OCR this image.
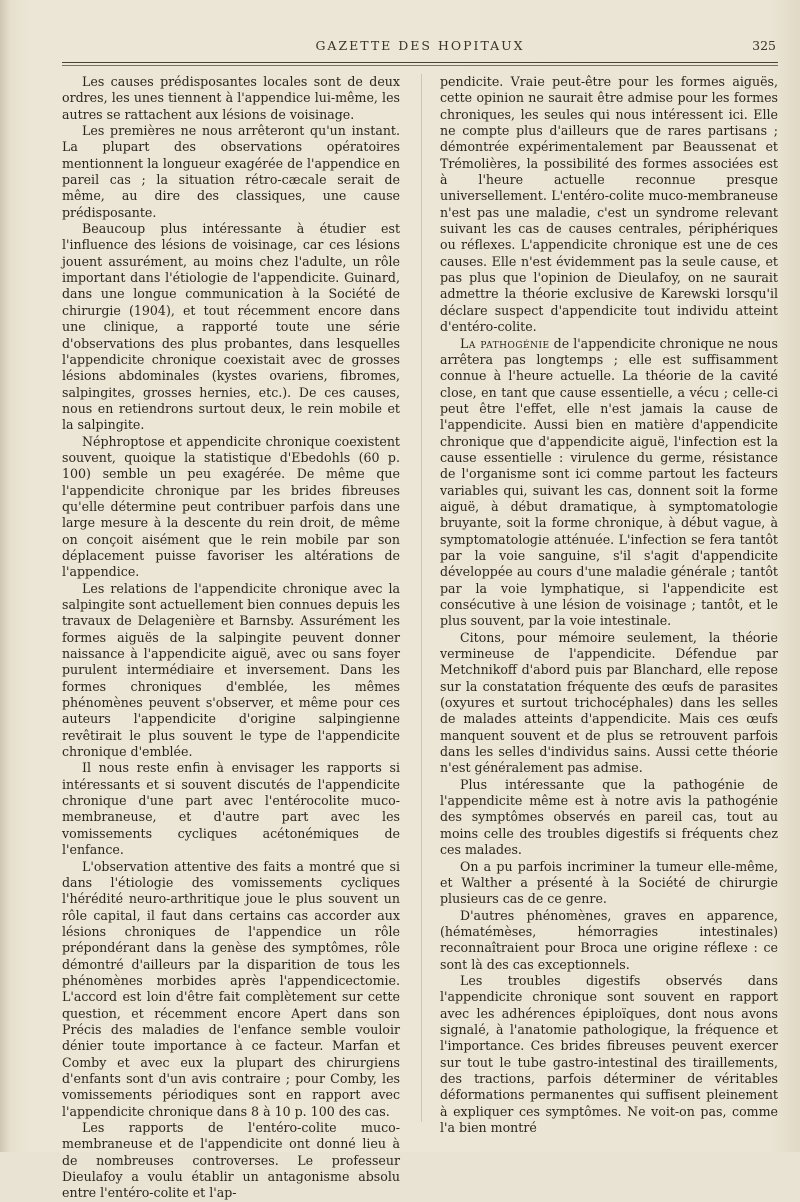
GAZETTE DES HOPITAUX	325

Les causes prédisposantes locales sont de deux ordres, les unes tiennent à l'appendice lui-même, les autres se rattachent aux lésions de voisinage.

Les premières ne nous arrêteront qu'un instant. La plupart des observations opératoires mentionnent la longueur exagérée de l'appendice en pareil cas ; la situation rétro-cæcale serait de même, au dire des classiques, une cause prédisposante.

Beaucoup plus intéressante à étudier est l'influence des lésions de voisinage, car ces lésions jouent assurément, au moins chez l'adulte, un rôle important dans l'étiologie de l'appendicite. Guinard, dans une longue communication à la Société de chirurgie (1904), et tout récemment encore dans une clinique, a rapporté toute une série d'observations des plus probantes, dans lesquelles l'appendicite chronique coexistait avec de grosses lésions abdominales (kystes ovariens, fibromes, salpingites, grosses hernies, etc.). De ces causes, nous en retiendrons surtout deux, le rein mobile et la salpingite.

Néphroptose et appendicite chronique coexistent souvent, quoique la statistique d'Ebedohls (60 p. 100) semble un peu exagérée. De même que l'appendicite chronique par les brides fibreuses qu'elle détermine peut contribuer parfois dans une large mesure à la descente du rein droit, de même on conçoit aisément que le rein mobile par son déplacement puisse favoriser les altérations de l'appendice.

Les relations de l'appendicite chronique avec la salpingite sont actuellement bien connues depuis les travaux de Delagenière et Barnsby. Assurément les formes aiguës de la salpingite peuvent donner naissance à l'appendicite aiguë, avec ou sans foyer purulent intermédiaire et inversement. Dans les formes chroniques d'emblée, les mêmes phénomènes peuvent s'observer, et même pour ces auteurs l'appendicite d'origine salpingienne revêtirait le plus souvent le type de l'appendicite chronique d'emblée.

Il nous reste enfin à envisager les rapports si intéressants et si souvent discutés de l'appendicite chronique d'une part avec l'entérocolite muco-membraneuse, et d'autre part avec les vomissements cycliques acétonémiques de l'enfance.

L'observation attentive des faits a montré que si dans l'étiologie des vomissements cycliques l'hérédité neuro-arthritique joue le plus souvent un rôle capital, il faut dans certains cas accorder aux lésions chroniques de l'appendice un rôle prépondérant dans la genèse des symptômes, rôle démontré d'ailleurs par la disparition de tous les phénomènes morbides après l'appendicectomie. L'accord est loin d'être fait complètement sur cette question, et récemment encore Apert dans son Précis des maladies de l'enfance semble vouloir dénier toute importance à ce facteur. Marfan et Comby et avec eux la plupart des chirurgiens d'enfants sont d'un avis contraire ; pour Comby, les vomissements périodiques sont en rapport avec l'appendicite chronique dans 8 à 10 p. 100 des cas.

Les rapports de l'entéro-colite muco-membraneuse et de l'appendicite ont donné lieu à de nombreuses controverses. Le professeur Dieulafoy a voulu établir un antagonisme absolu entre l'entéro-colite et l'ap-

pendicite. Vraie peut-être pour les formes aiguës, cette opinion ne saurait être admise pour les formes chroniques, les seules qui nous intéressent ici. Elle ne compte plus d'ailleurs que de rares partisans ; démontrée expérimentalement par Beaussenat et Trémolières, la possibilité des formes associées est à l'heure actuelle reconnue presque universellement. L'entéro-colite muco-membraneuse n'est pas une maladie, c'est un syndrome relevant suivant les cas de causes centrales, périphériques ou réflexes. L'appendicite chronique est une de ces causes. Elle n'est évidemment pas la seule cause, et pas plus que l'opinion de Dieulafoy, on ne saurait admettre la théorie exclusive de Karewski lorsqu'il déclare suspect d'appendicite tout individu atteint d'entéro-colite.

La pathogénie de l'appendicite chronique ne nous arrêtera pas longtemps ; elle est suffisamment connue à l'heure actuelle. La théorie de la cavité close, en tant que cause essentielle, a vécu ; celle-ci peut être l'effet, elle n'est jamais la cause de l'appendicite. Aussi bien en matière d'appendicite chronique que d'appendicite aiguë, l'infection est la cause essentielle : virulence du germe, résistance de l'organisme sont ici comme partout les facteurs variables qui, suivant les cas, donnent soit la forme aiguë, à début dramatique, à symptomatologie bruyante, soit la forme chronique, à début vague, à symptomatologie atténuée. L'infection se fera tantôt par la voie sanguine, s'il s'agit d'appendicite développée au cours d'une maladie générale ; tantôt par la voie lymphatique, si l'appendicite est consécutive à une lésion de voisinage ; tantôt, et le plus souvent, par la voie intestinale.

Citons, pour mémoire seulement, la théorie vermineuse de l'appendicite. Défendue par Metchnikoff d'abord puis par Blanchard, elle repose sur la constatation fréquente des œufs de parasites (oxyures et surtout trichocéphales) dans les selles de malades atteints d'appendicite. Mais ces œufs manquent souvent et de plus se retrouvent parfois dans les selles d'individus sains. Aussi cette théorie n'est généralement pas admise.

Plus intéressante que la pathogénie de l'appendicite même est à notre avis la pathogénie des symptômes observés en pareil cas, tout au moins celle des troubles digestifs si fréquents chez ces malades.

On a pu parfois incriminer la tumeur elle-même, et Walther a présenté à la Société de chirurgie plusieurs cas de ce genre.

D'autres phénomènes, graves en apparence, (hématémèses, hémorragies intestinales) reconnaîtraient pour Broca une origine réflexe : ce sont là des cas exceptionnels.

Les troubles digestifs observés dans l'appendicite chronique sont souvent en rapport avec les adhérences épiploïques, dont nous avons signalé, à l'anatomie pathologique, la fréquence et l'importance. Ces brides fibreuses peuvent exercer sur tout le tube gastro-intestinal des tiraillements, des tractions, parfois déterminer de véritables déformations permanentes qui suffisent pleinement à expliquer ces symptômes. Ne voit-on pas, comme l'a bien montré
